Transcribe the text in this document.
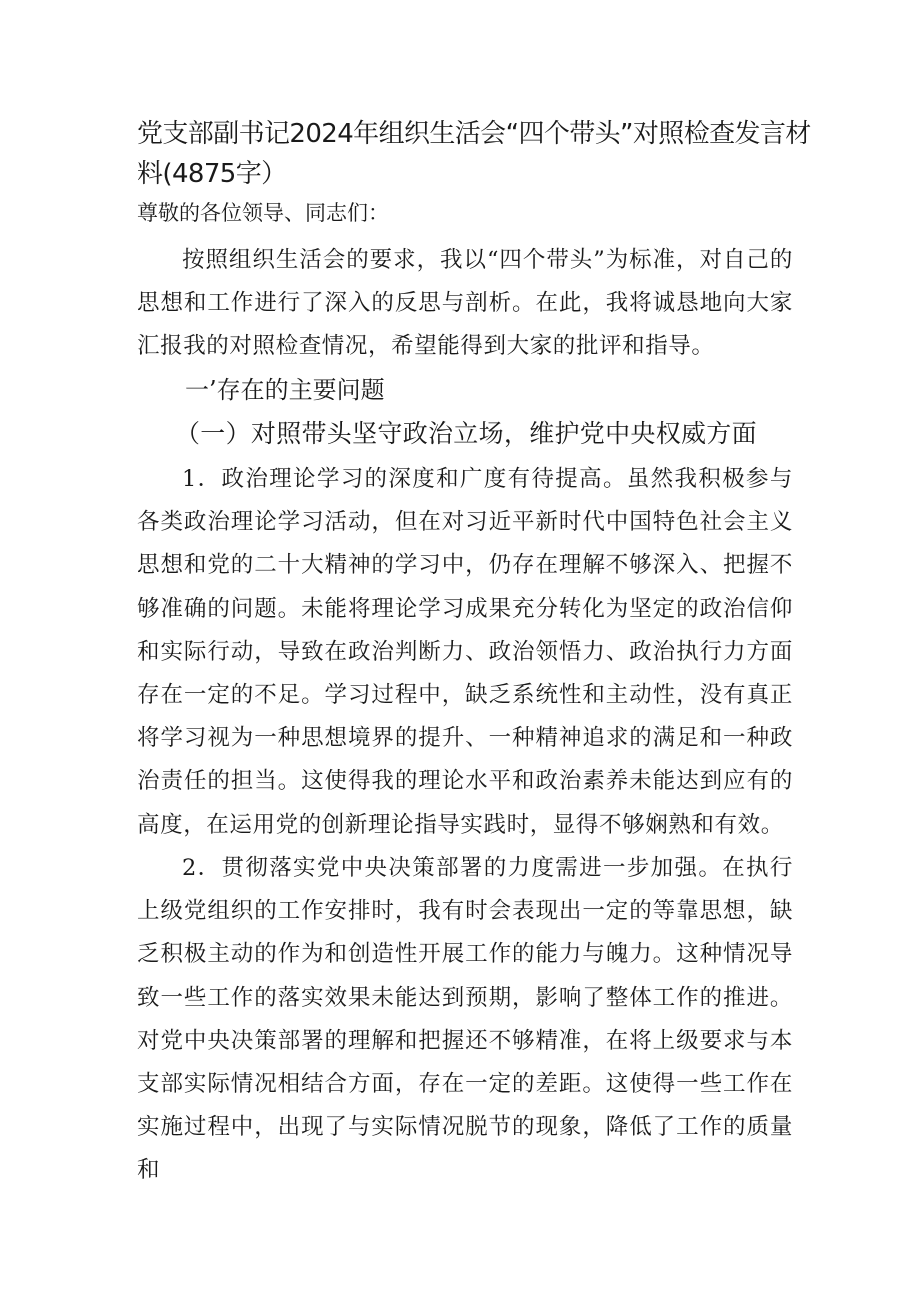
党支部副书记2024年组织生活会“四个带头”对照检查发言材料(4875字）

尊敬的各位领导、同志们：

按照组织生活会的要求，我以“四个带头”为标准，对自己的思想和工作进行了深入的反思与剖析。在此，我将诚恳地向大家汇报我的对照检查情况，希望能得到大家的批评和指导。

一’存在的主要问题
（一）对照带头坚守政治立场，维护党中央权威方面

1．政治理论学习的深度和广度有待提高。虽然我积极参与各类政治理论学习活动，但在对习近平新时代中国特色社会主义思想和党的二十大精神的学习中，仍存在理解不够深入、把握不够准确的问题。未能将理论学习成果充分转化为坚定的政治信仰和实际行动，导致在政治判断力、政治领悟力、政治执行力方面存在一定的不足。学习过程中，缺乏系统性和主动性，没有真正将学习视为一种思想境界的提升、一种精神追求的满足和一种政治责任的担当。这使得我的理论水平和政治素养未能达到应有的高度，在运用党的创新理论指导实践时，显得不够娴熟和有效。

2．贯彻落实党中央决策部署的力度需进一步加强。在执行上级党组织的工作安排时，我有时会表现出一定的等靠思想，缺乏积极主动的作为和创造性开展工作的能力与魄力。这种情况导致一些工作的落实效果未能达到预期，影响了整体工作的推进。对党中央决策部署的理解和把握还不够精准，在将上级要求与本支部实际情况相结合方面，存在一定的差距。这使得一些工作在实施过程中，出现了与实际情况脱节的现象，降低了工作的质量和
